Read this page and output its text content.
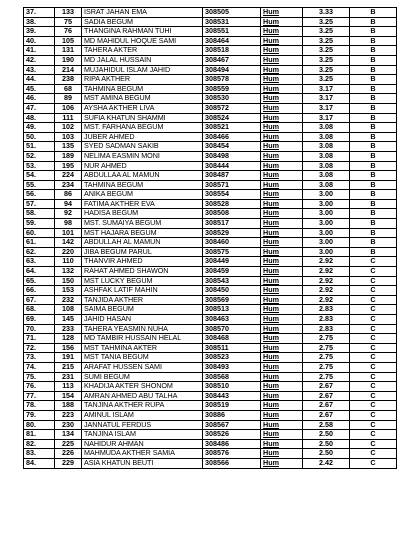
37.	133	ISRAT JAHAN EMA	308505	Hum	3.33	B
38.	75	SADIA BEGUM	308531	Hum	3.25	B
39.	76	THANGINA RAHMAN TUHI	308551	Hum	3.25	B
40.	105	MD MAHIDUL HOQUE SAMI	308464	Hum	3.25	B
41.	131	TAHERA AKTER	308518	Hum	3.25	B
42.	190	MD JALAL HUSSAIN	308467	Hum	3.25	B
43.	214	MUJAHIDUL ISLAM JAHID	308494	Hum	3.25	B
44.	238	RIPA AKTHER	308578	Hum	3.25	B
45.	68	TAHMINA BEGUM	308559	Hum	3.17	B
46.	89	MST AMINA BEGUM	308530	Hum	3.17	B
47.	106	AYSHA AKTHER LIVA	308572	Hum	3.17	B
48.	111	SUFIA KHATUN SHAMMI	308524	Hum	3.17	B
49.	102	MST. FARHANA BEGUM	308521	Hum	3.08	B
50.	103	JUBER AHMED	308466	Hum	3.08	B
51.	135	SYED SADMAN SAKIB	308454	Hum	3.08	B
52.	189	NELIMA EASMIN MONI	308498	Hum	3.08	B
53.	195	NUR AHMED	308444	Hum	3.08	B
54.	224	ABDULLAA AL MAMUN	308487	Hum	3.08	B
55.	234	TAHMINA BEGUM	308571	Hum	3.08	B
56.	86	ANIKA BEGUM	308554	Hum	3.00	B
57.	94	FATIMA AKTHER EVA	308528	Hum	3.00	B
58.	92	HADISA BEGUM	308508	Hum	3.00	B
59.	98	MST. SUMAIYA BEGUM	308517	Hum	3.00	B
60.	101	MST HAJARA BEGUM	308529	Hum	3.00	B
61.	142	ABDULLAH AL MAMUN	308460	Hum	3.00	B
62.	220	JIBA BEGUM PARUL	308575	Hum	3.00	B
63.	110	THANVIR AHMED	308449	Hum	2.92	C
64.	132	RAHAT AHMED SHAWON	308459	Hum	2.92	C
65.	150	MST LUCKY BEGUM	308543	Hum	2.92	C
66.	153	ASHFAK LATIF MAHIN	308450	Hum	2.92	C
67.	232	TANJIDA AKTHER	308569	Hum	2.92	C
68.	108	SAIMA BEGUM	308513	Hum	2.83	C
69.	145	JAHID HASAN	308463	Hum	2.83	C
70.	233	TAHERA YEASMIN NUHA	308570	Hum	2.83	C
71.	128	MD TAMBIR HUSSAIN HELAL	308468	Hum	2.75	C
72.	156	MST TAHMINA AKTER	308511	Hum	2.75	C
73.	191	MST TANIA BEGUM	308523	Hum	2.75	C
74.	215	ARAFAT HUSSEN SAMI	308493	Hum	2.75	C
75.	231	SUMI BEGUM	308568	Hum	2.75	C
76.	113	KHADIJA AKTER SHONOM	308510	Hum	2.67	C
77.	154	AMRAN AHMED ABU TALHA	308443	Hum	2.67	C
78.	188	TANJINA AKTHER RUPA	308519	Hum	2.67	C
79.	223	AMINUL ISLAM	30886	Hum	2.67	C
80.	230	JANNATUL FERDUS	308567	Hum	2.58	C
81.	134	TANJINA ISLAM	308526	Hum	2.50	C
82.	225	NAHIDUR AHMAN	308486	Hum	2.50	C
83.	226	MAHMUDA AKTHER SAMIA	308576	Hum	2.50	C
84.	229	ASIA KHATUN BEUTI	308566	Hum	2.42	C
